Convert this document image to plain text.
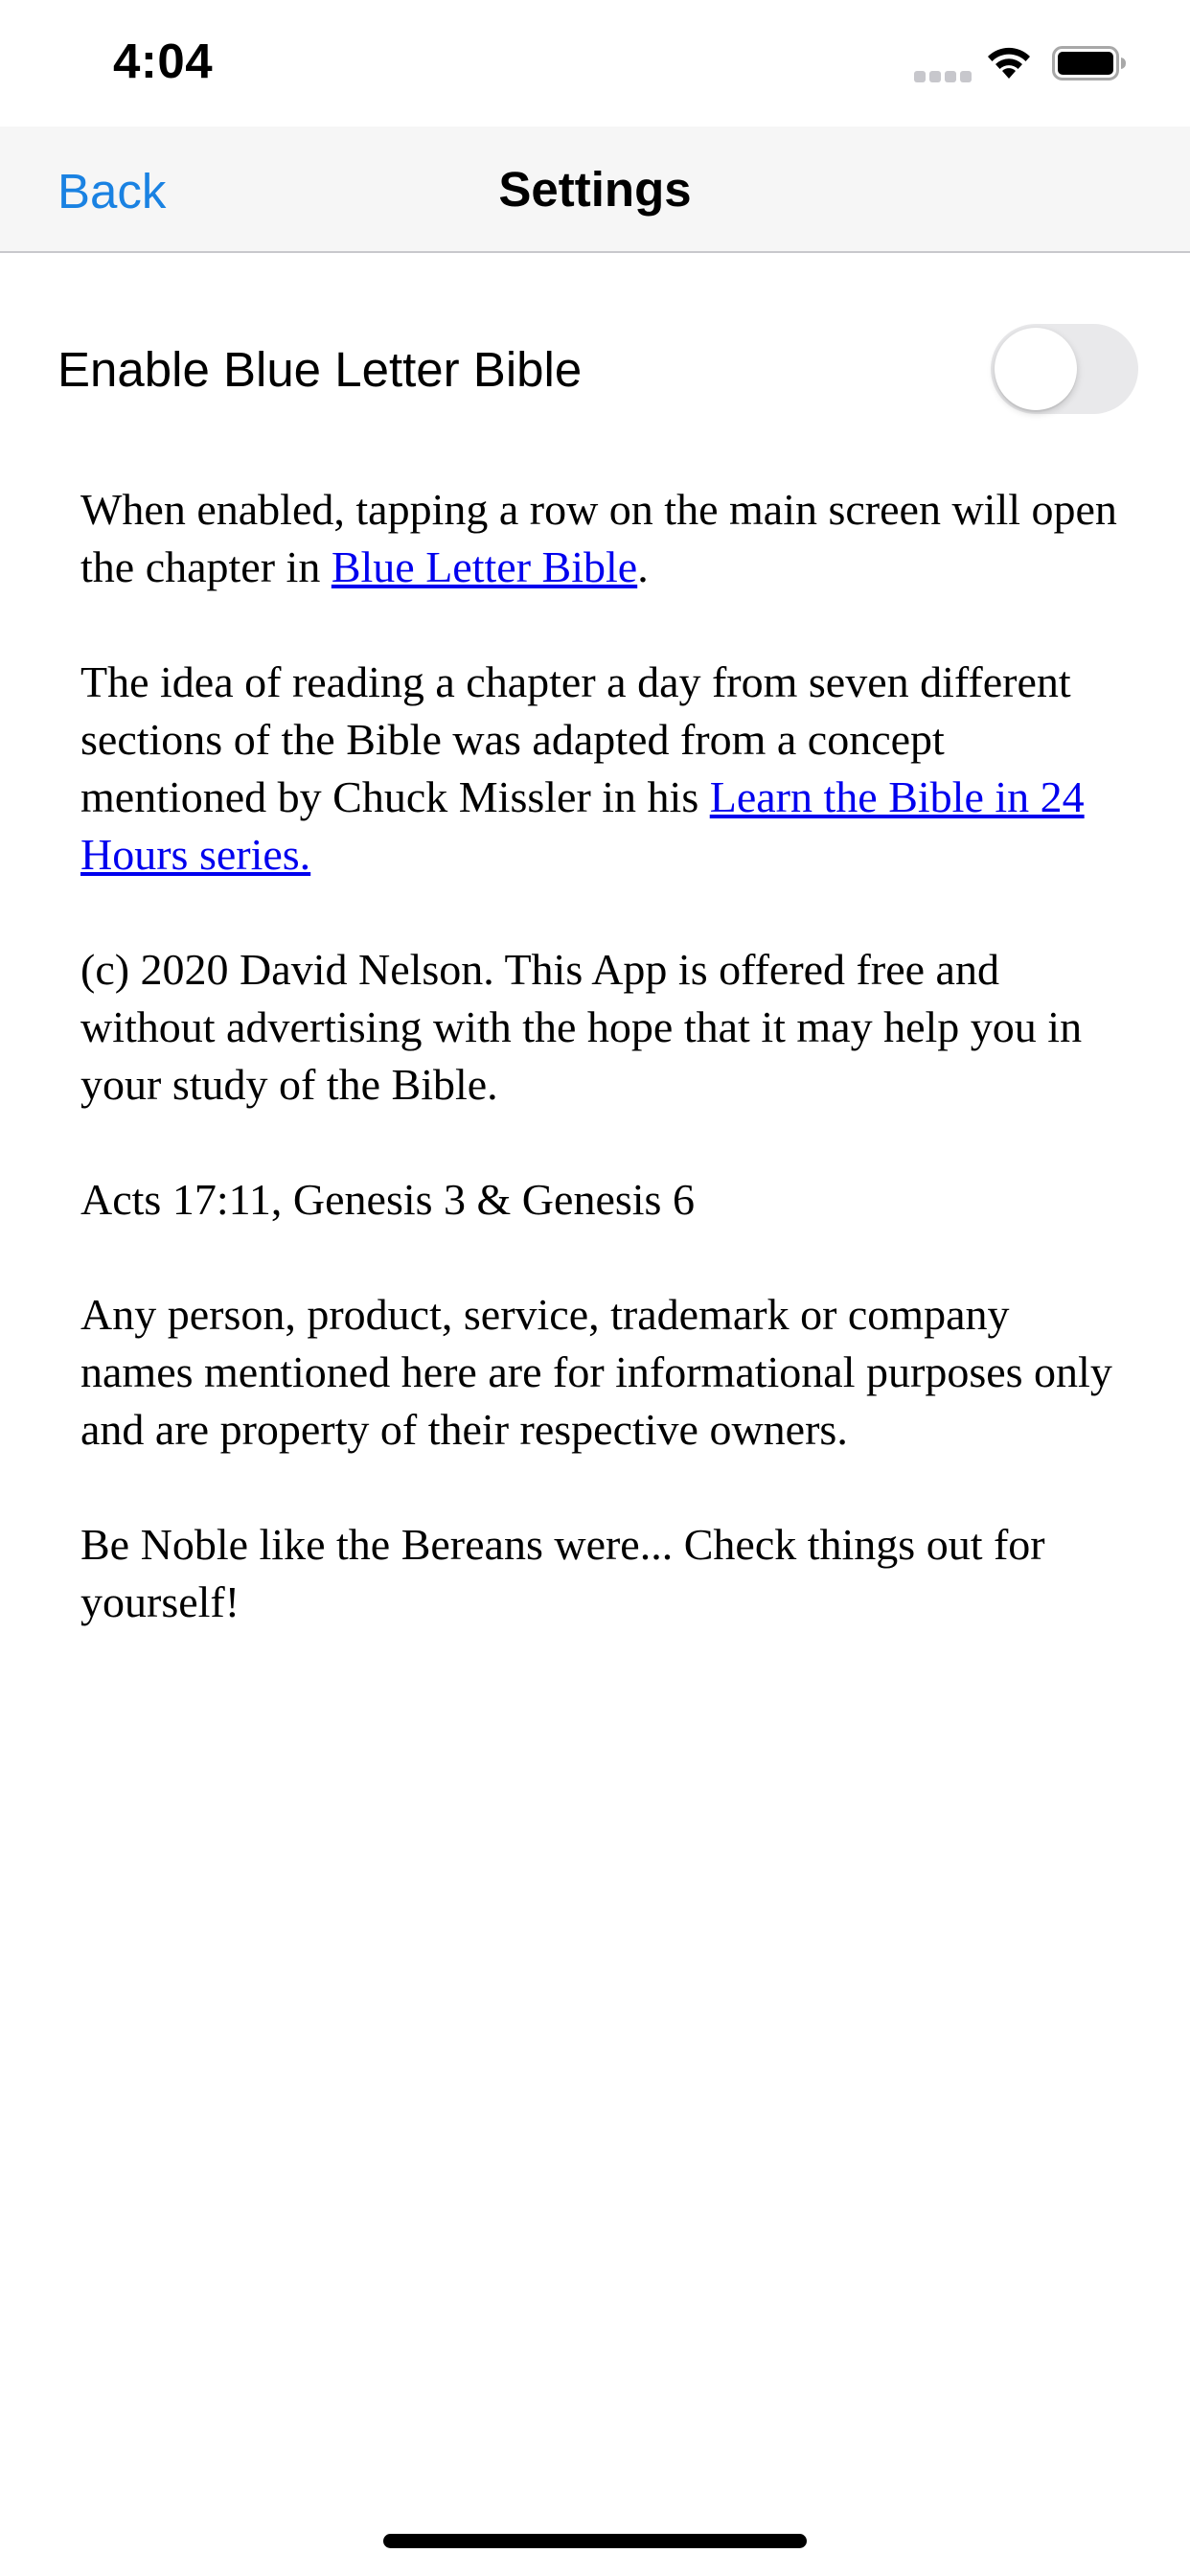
4:04
Back	Settings
Enable Blue Letter Bible

When enabled, tapping a row on the main screen will open the chapter in Blue Letter Bible.

The idea of reading a chapter a day from seven different sections of the Bible was adapted from a concept mentioned by Chuck Missler in his Learn the Bible in 24 Hours series.

(c) 2020 David Nelson. This App is offered free and without advertising with the hope that it may help you in your study of the Bible.

Acts 17:11, Genesis 3 & Genesis 6

Any person, product, service, trademark or company names mentioned here are for informational purposes only and are property of their respective owners.

Be Noble like the Bereans were... Check things out for yourself!
